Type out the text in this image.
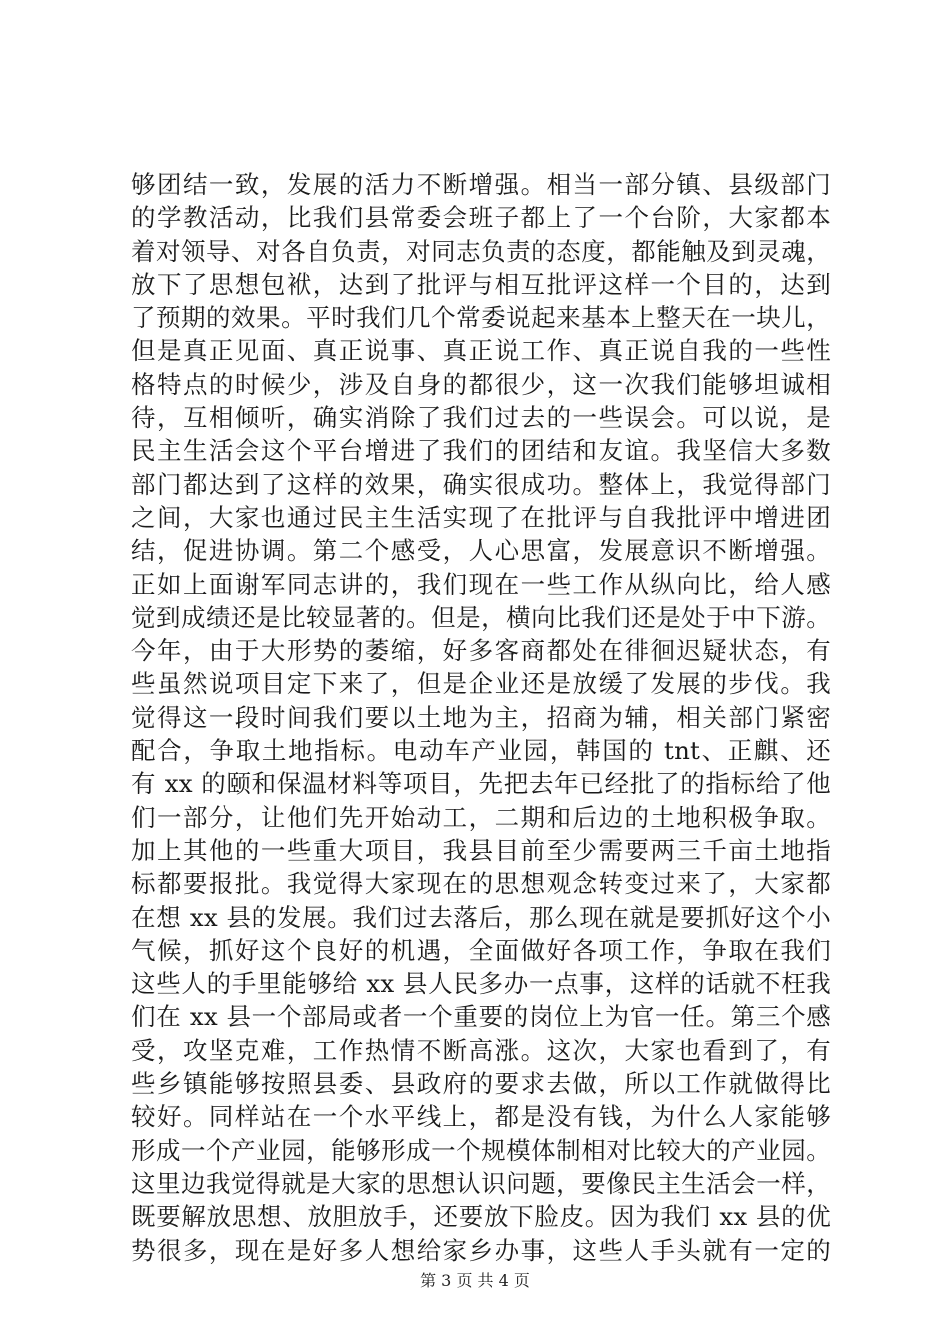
够团结一致，发展的活力不断增强。相当一部分镇、县级部门
的学教活动，比我们县常委会班子都上了一个台阶，大家都本
着对领导、对各自负责，对同志负责的态度，都能触及到灵魂，
放下了思想包袱，达到了批评与相互批评这样一个目的，达到
了预期的效果。平时我们几个常委说起来基本上整天在一块儿，
但是真正见面、真正说事、真正说工作、真正说自我的一些性
格特点的时候少，涉及自身的都很少，这一次我们能够坦诚相
待，互相倾听，确实消除了我们过去的一些误会。可以说，是
民主生活会这个平台增进了我们的团结和友谊。我坚信大多数
部门都达到了这样的效果，确实很成功。整体上，我觉得部门
之间，大家也通过民主生活实现了在批评与自我批评中增进团
结，促进协调。第二个感受，人心思富，发展意识不断增强。
正如上面谢军同志讲的，我们现在一些工作从纵向比，给人感
觉到成绩还是比较显著的。但是，横向比我们还是处于中下游。
今年，由于大形势的萎缩，好多客商都处在徘徊迟疑状态，有
些虽然说项目定下来了，但是企业还是放缓了发展的步伐。我
觉得这一段时间我们要以土地为主，招商为辅，相关部门紧密
配合，争取土地指标。电动车产业园，韩国的 tnt、正麒、还
有 xx 的颐和保温材料等项目，先把去年已经批了的指标给了他
们一部分，让他们先开始动工，二期和后边的土地积极争取。
加上其他的一些重大项目，我县目前至少需要两三千亩土地指
标都要报批。我觉得大家现在的思想观念转变过来了，大家都
在想 xx 县的发展。我们过去落后，那么现在就是要抓好这个小
气候，抓好这个良好的机遇，全面做好各项工作，争取在我们
这些人的手里能够给 xx 县人民多办一点事，这样的话就不枉我
们在 xx 县一个部局或者一个重要的岗位上为官一任。第三个感
受，攻坚克难，工作热情不断高涨。这次，大家也看到了，有
些乡镇能够按照县委、县政府的要求去做，所以工作就做得比
较好。同样站在一个水平线上，都是没有钱，为什么人家能够
形成一个产业园，能够形成一个规模体制相对比较大的产业园。
这里边我觉得就是大家的思想认识问题，要像民主生活会一样，
既要解放思想、放胆放手，还要放下脸皮。因为我们 xx 县的优
势很多，现在是好多人想给家乡办事，这些人手头就有一定的
第 3 页 共 4 页
